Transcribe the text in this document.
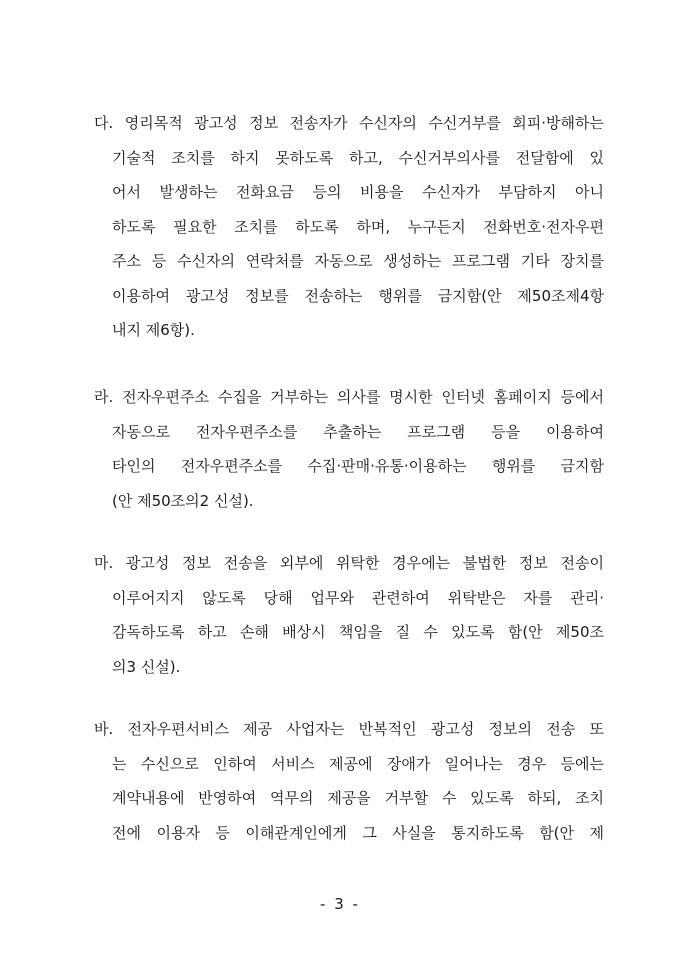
다. 영리목적 광고성 정보 전송자가 수신자의 수신거부를 회피·방해하는
기술적 조치를 하지 못하도록 하고, 수신거부의사를 전달함에 있
어서 발생하는 전화요금 등의 비용을 수신자가 부담하지 아니
하도록 필요한 조치를 하도록 하며, 누구든지 전화번호·전자우편
주소 등 수신자의 연락처를 자동으로 생성하는 프로그램 기타 장치를
이용하여 광고성 정보를 전송하는 행위를 금지함(안 제50조제4항
내지 제6항).
라. 전자우편주소 수집을 거부하는 의사를 명시한 인터넷 홈페이지 등에서
자동으로 전자우편주소를 추출하는 프로그램 등을 이용하여
타인의 전자우편주소를 수집·판매·유통·이용하는 행위를 금지함
(안 제50조의2 신설).
마. 광고성 정보 전송을 외부에 위탁한 경우에는 불법한 정보 전송이
이루어지지 않도록 당해 업무와 관련하여 위탁받은 자를 관리·
감독하도록 하고 손해 배상시 책임을 질 수 있도록 함(안 제50조
의3 신설).
바. 전자우편서비스 제공 사업자는 반복적인 광고성 정보의 전송 또
는 수신으로 인하여 서비스 제공에 장애가 일어나는 경우 등에는
계약내용에 반영하여 역무의 제공을 거부할 수 있도록 하되, 조치
전에 이용자 등 이해관계인에게 그 사실을 통지하도록 함(안 제
- 3 -
